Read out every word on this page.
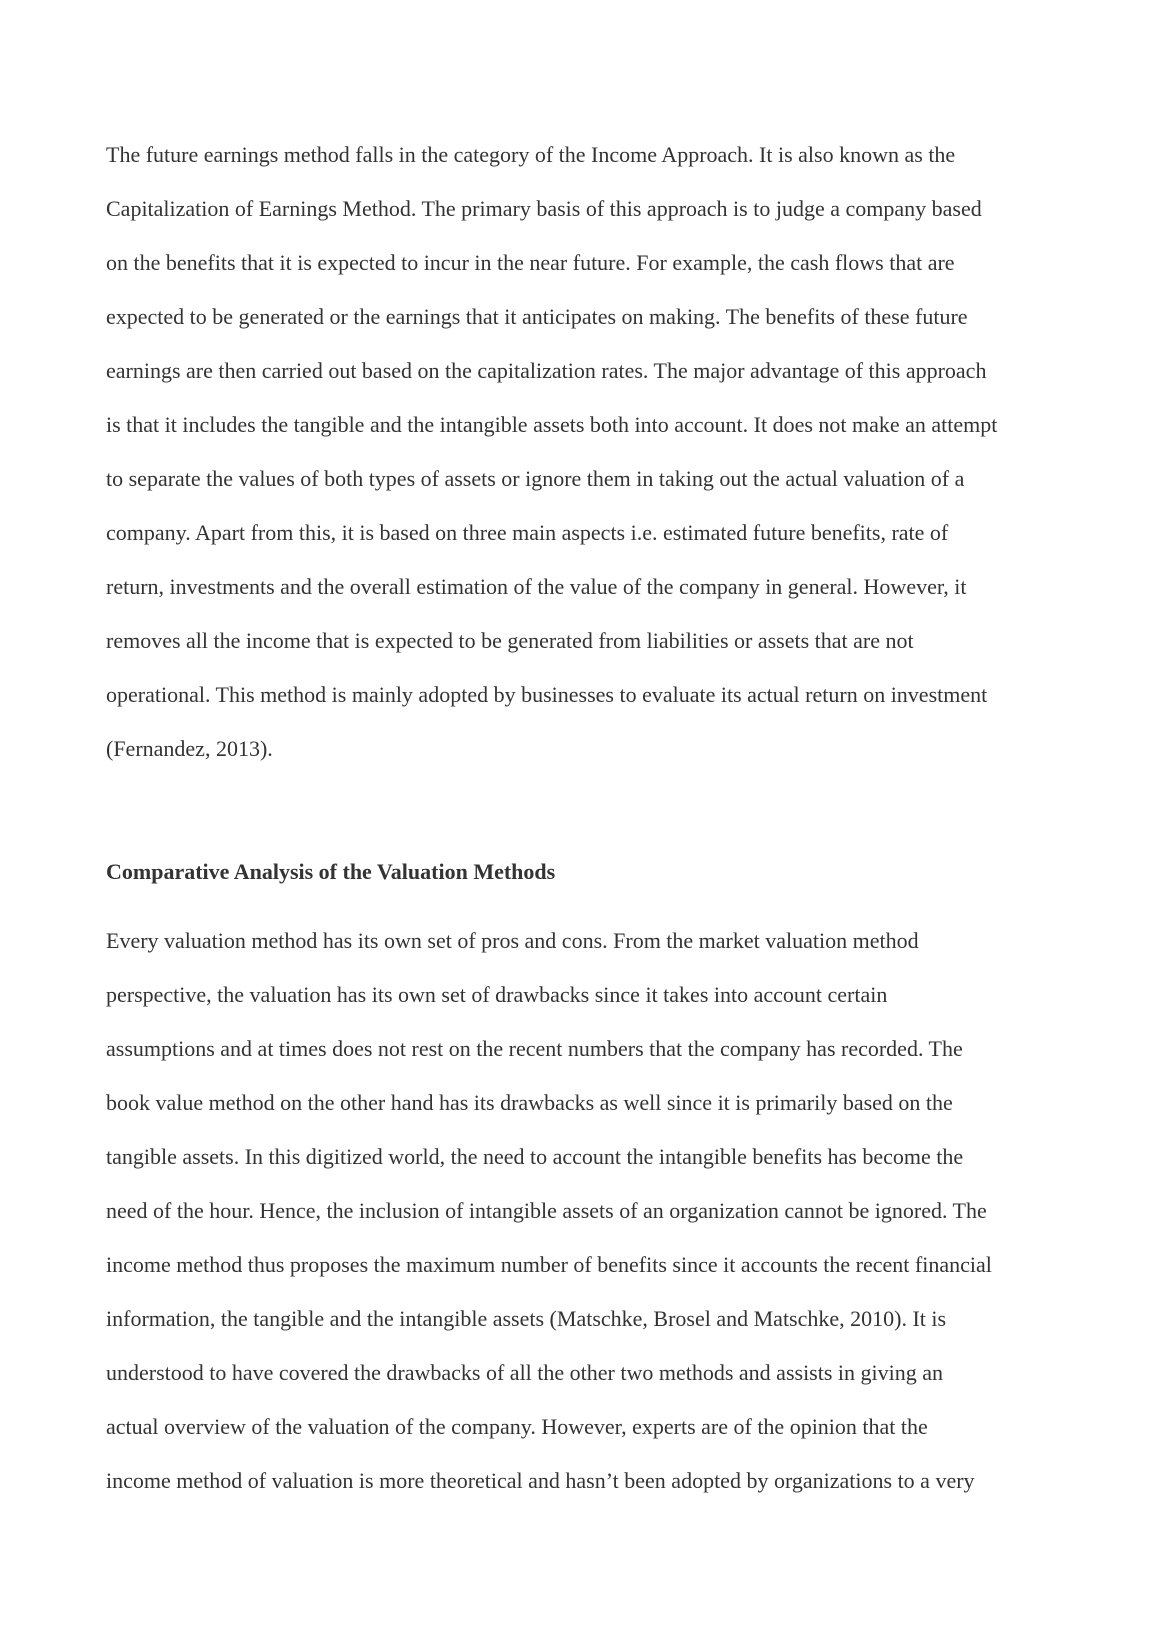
The future earnings method falls in the category of the Income Approach. It is also known as the
Capitalization of Earnings Method. The primary basis of this approach is to judge a company based
on the benefits that it is expected to incur in the near future. For example, the cash flows that are
expected to be generated or the earnings that it anticipates on making. The benefits of these future
earnings are then carried out based on the capitalization rates. The major advantage of this approach
is that it includes the tangible and the intangible assets both into account. It does not make an attempt
to separate the values of both types of assets or ignore them in taking out the actual valuation of a
company. Apart from this, it is based on three main aspects i.e. estimated future benefits, rate of
return, investments and the overall estimation of the value of the company in general. However, it
removes all the income that is expected to be generated from liabilities or assets that are not
operational. This method is mainly adopted by businesses to evaluate its actual return on investment
(Fernandez, 2013).
Comparative Analysis of the Valuation Methods
Every valuation method has its own set of pros and cons. From the market valuation method
perspective, the valuation has its own set of drawbacks since it takes into account certain
assumptions and at times does not rest on the recent numbers that the company has recorded. The
book value method on the other hand has its drawbacks as well since it is primarily based on the
tangible assets. In this digitized world, the need to account the intangible benefits has become the
need of the hour. Hence, the inclusion of intangible assets of an organization cannot be ignored. The
income method thus proposes the maximum number of benefits since it accounts the recent financial
information, the tangible and the intangible assets (Matschke, Brosel and Matschke, 2010). It is
understood to have covered the drawbacks of all the other two methods and assists in giving an
actual overview of the valuation of the company. However, experts are of the opinion that the
income method of valuation is more theoretical and hasn’t been adopted by organizations to a very
